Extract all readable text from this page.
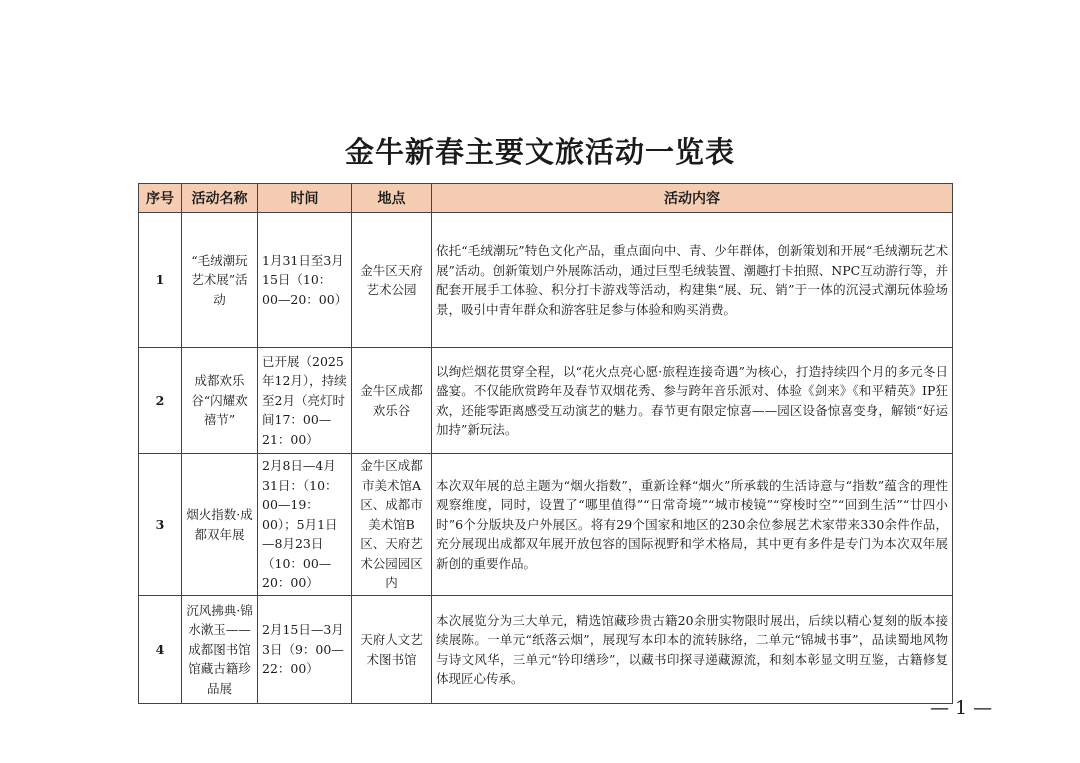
金牛新春主要文旅活动一览表
序号	活动名称	时间	地点	活动内容
1	“毛绒潮玩艺术展”活动	1月31日至3月15日（10：00—20：00）	金牛区天府艺术公园	依托“毛绒潮玩”特色文化产品，重点面向中、青、少年群体，创新策划和开展“毛绒潮玩艺术展”活动。创新策划户外展陈活动，通过巨型毛绒装置、潮趣打卡拍照、NPC互动游行等，并配套开展手工体验、积分打卡游戏等活动，构建集“展、玩、销”于一体的沉浸式潮玩体验场景，吸引中青年群众和游客驻足参与体验和购买消费。
2	成都欢乐谷“闪耀欢禧节”	已开展（2025年12月），持续至2月（亮灯时间17：00—21：00）	金牛区成都欢乐谷	以绚烂烟花贯穿全程，以“花火点亮心愿·旅程连接奇遇”为核心，打造持续四个月的多元冬日盛宴。不仅能欣赏跨年及春节双烟花秀、参与跨年音乐派对、体验《剑来》《和平精英》IP狂欢，还能零距离感受互动演艺的魅力。春节更有限定惊喜——园区设备惊喜变身，解锁“好运加持”新玩法。
3	烟火指数·成都双年展	2月8日—4月31日：（10：00—19：00）；5月1日—8月23日（10：00—20：00）	金牛区成都市美术馆A区、成都市美术馆B区、天府艺术公园园区内	本次双年展的总主题为“烟火指数”，重新诠释“烟火”所承载的生活诗意与“指数”蕴含的理性观察维度，同时，设置了“哪里值得”“日常奇境”“城市棱镜”“穿梭时空”“回到生活”“廿四小时”6个分版块及户外展区。将有29个国家和地区的230余位参展艺术家带来330余件作品，充分展现出成都双年展开放包容的国际视野和学术格局，其中更有多件是专门为本次双年展新创的重要作品。
4	沉风拂典·锦水漱玉——成都图书馆馆藏古籍珍品展	2月15日—3月3日（9：00—22：00）	天府人文艺术图书馆	本次展览分为三大单元，精选馆藏珍贵古籍20余册实物限时展出，后续以精心复刻的版本接续展陈。一单元“纸落云烟”，展现写本印本的流转脉络，二单元“锦城书事”，品读蜀地风物与诗文风华，三单元“钤印缮珍”，以藏书印探寻递藏源流，和刻本彰显文明互鉴，古籍修复体现匠心传承。
— 1 —
